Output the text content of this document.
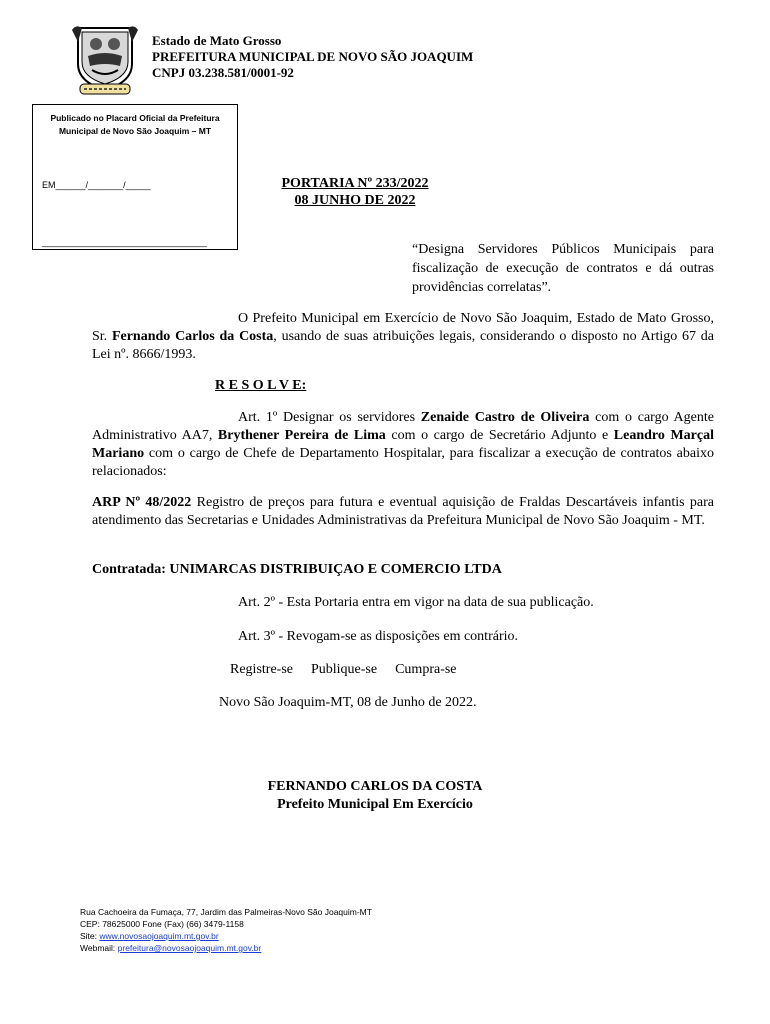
Estado de Mato Grosso
PREFEITURA MUNICIPAL DE NOVO SÃO JOAQUIM
CNPJ 03.238.581/0001-92
Publicado no Placard Oficial da Prefeitura Municipal de Novo São Joaquim – MT
EM______/_______/_____
_________________________________
PORTARIA Nº 233/2022
08 JUNHO DE 2022
“Designa Servidores Públicos Municipais para fiscalização de execução de contratos e dá outras providências correlatas”.
O Prefeito Municipal em Exercício de Novo São Joaquim, Estado de Mato Grosso, Sr. Fernando Carlos da Costa, usando de suas atribuições legais, considerando o disposto no Artigo 67 da Lei nº. 8666/1993.
R E S O L V E:
Art. 1º Designar os servidores Zenaide Castro de Oliveira com o cargo Agente Administrativo AA7, Brythener Pereira de Lima com o cargo de Secretário Adjunto e Leandro Marçal Mariano com o cargo de Chefe de Departamento Hospitalar, para fiscalizar a execução de contratos abaixo relacionados:
ARP Nº 48/2022 Registro de preços para futura e eventual aquisição de Fraldas Descartáveis infantis para atendimento das Secretarias e Unidades Administrativas da Prefeitura Municipal de Novo São Joaquim - MT.
Contratada: UNIMARCAS DISTRIBUIÇAO E COMERCIO LTDA
Art. 2º - Esta Portaria entra em vigor na data de sua publicação.
Art. 3º - Revogam-se as disposições em contrário.
Registre-se Publique-se Cumpra-se
Novo São Joaquim-MT, 08 de Junho de 2022.
FERNANDO CARLOS DA COSTA
Prefeito Municipal Em Exercício
Rua Cachoeira da Fumaça, 77, Jardim das Palmeiras-Novo São Joaquim-MT
CEP: 78625000 Fone (Fax) (66) 3479-1158
Site: www.novosaojoaquim.mt.gov.br
Webmail: prefeitura@novosaojoaquim.mt.gov.br
